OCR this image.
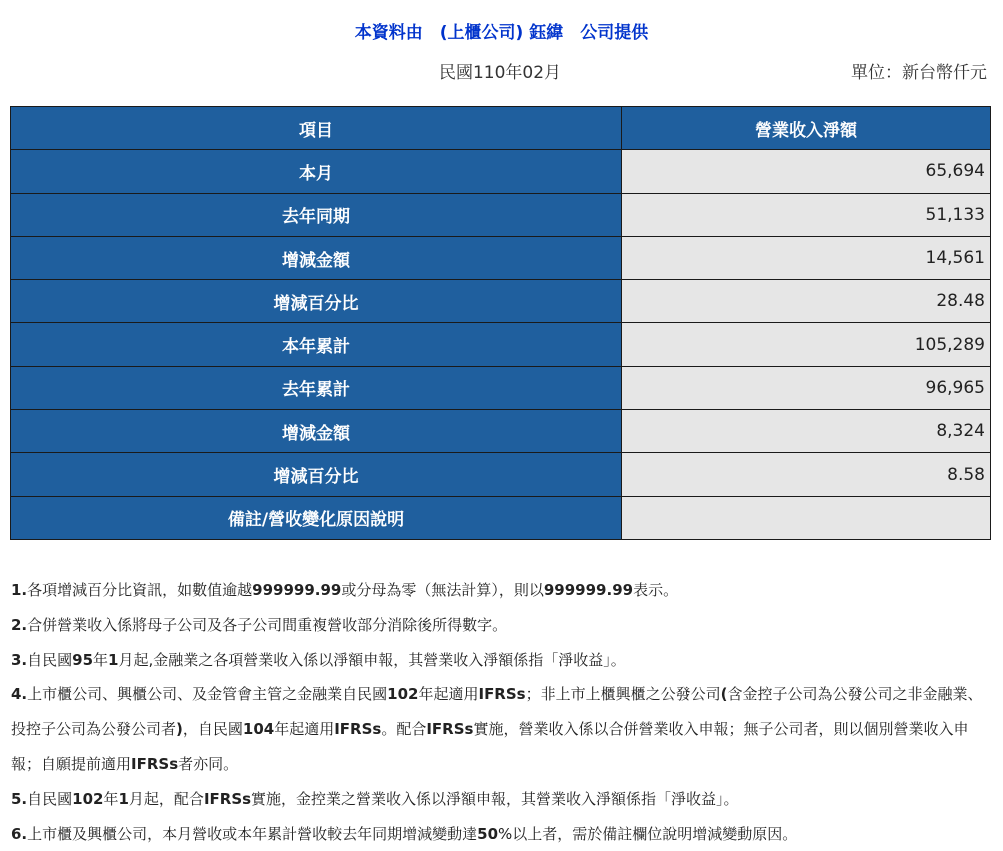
本資料由　(上櫃公司) 鈺緯　公司提供
民國110年02月	單位：新台幣仟元
項目	營業收入淨額
本月	65,694
去年同期	51,133
增減金額	14,561
增減百分比	28.48
本年累計	105,289
去年累計	96,965
增減金額	8,324
增減百分比	8.58
備註/營收變化原因說明	

1.各項增減百分比資訊，如數值逾越999999.99或分母為零（無法計算），則以999999.99表示。

2.合併營業收入係將母子公司及各子公司間重複營收部分消除後所得數字。

3.自民國95年1月起,金融業之各項營業收入係以淨額申報，其營業收入淨額係指「淨收益」。

4.上市櫃公司、興櫃公司、及金管會主管之金融業自民國102年起適用IFRSs；非上市上櫃興櫃之公發公司(含金控子公司為公發公司之非金融業、投控子公司為公發公司者)，自民國104年起適用IFRSs。配合IFRSs實施，營業收入係以合併營業收入申報；無子公司者，則以個別營業收入申報；自願提前適用IFRSs者亦同。

5.自民國102年1月起，配合IFRSs實施，金控業之營業收入係以淨額申報，其營業收入淨額係指「淨收益」。

6.上市櫃及興櫃公司，本月營收或本年累計營收較去年同期增減變動達50%以上者，需於備註欄位說明增減變動原因。
